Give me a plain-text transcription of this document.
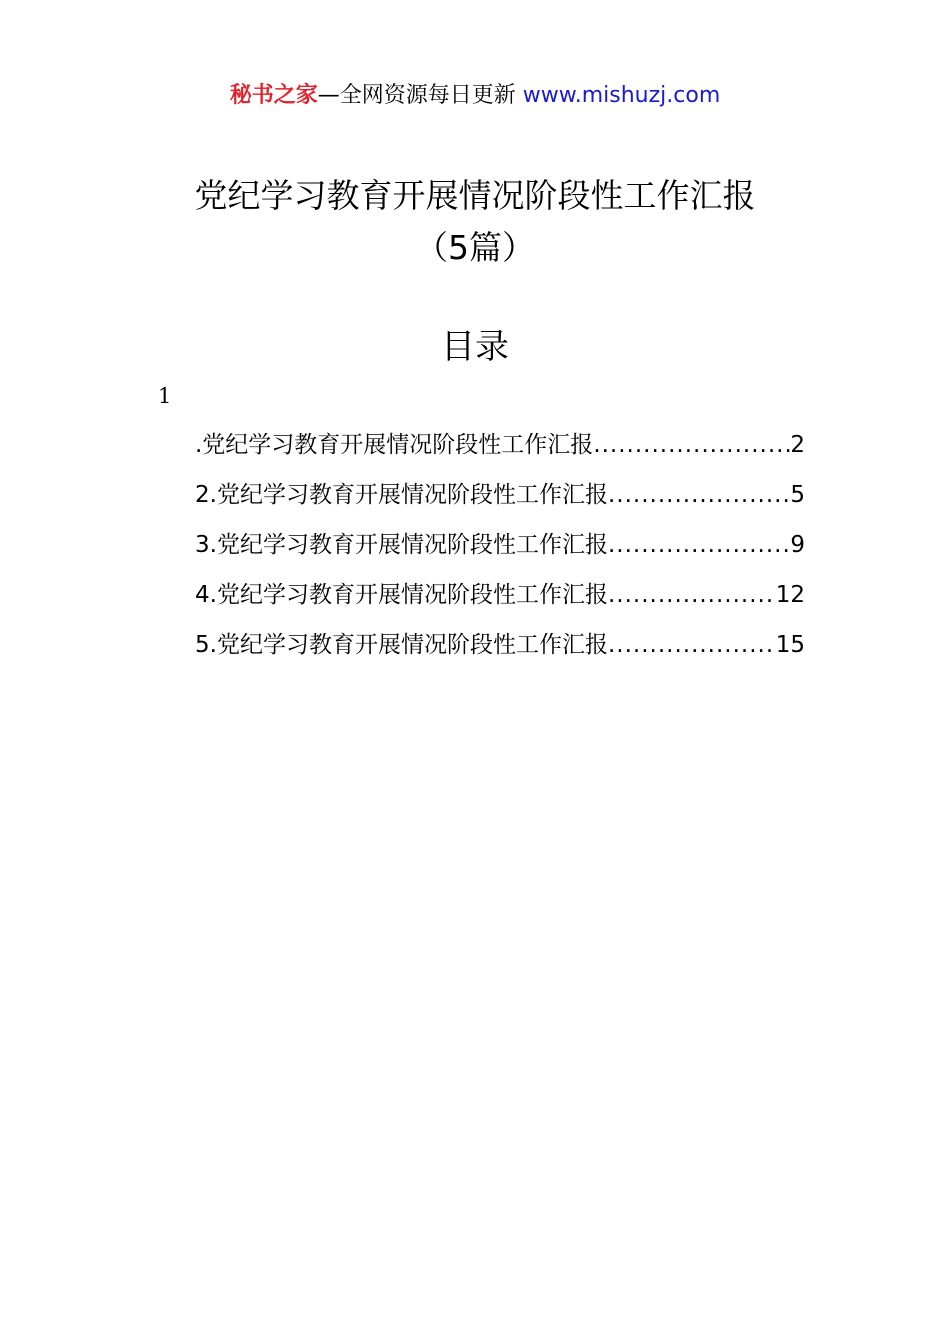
秘书之家—全网资源每日更新 www.mishuzj.com
党纪学习教育开展情况阶段性工作汇报
（5篇）
目录
1
.党纪学习教育开展情况阶段性工作汇报 .....	2
2.党纪学习教育开展情况阶段性工作汇报 .....	5
3.党纪学习教育开展情况阶段性工作汇报 .....	9
4.党纪学习教育开展情况阶段性工作汇报 .....	12
5.党纪学习教育开展情况阶段性工作汇报 .....	15
